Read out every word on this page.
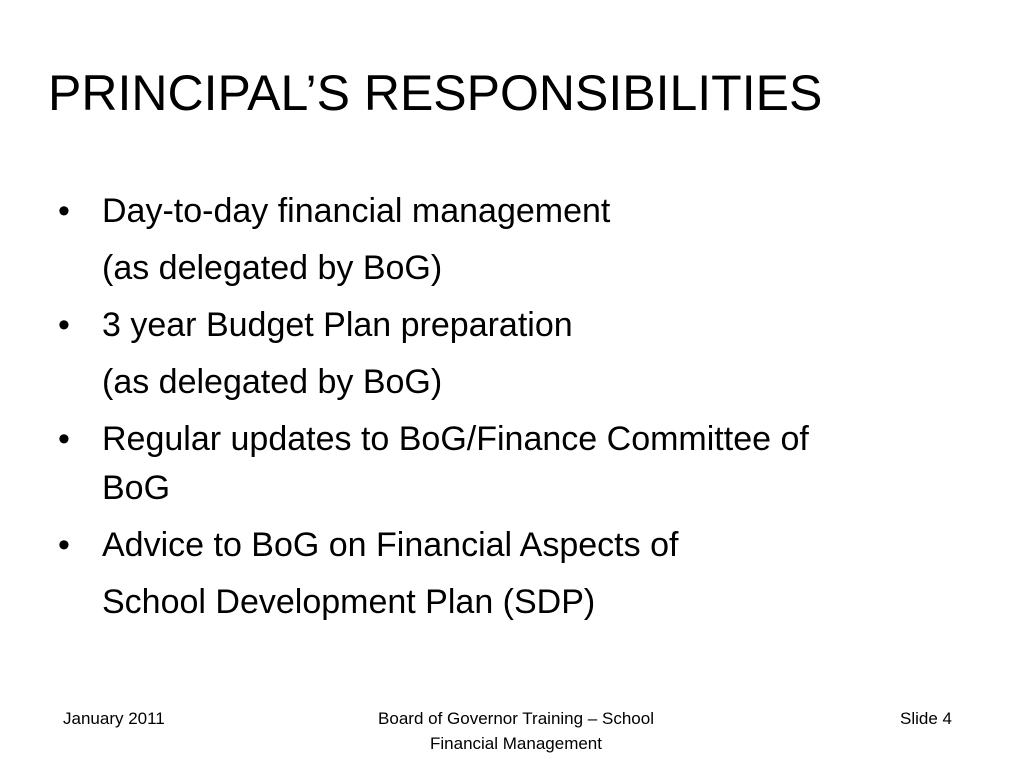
PRINCIPAL’S RESPONSIBILITIES
• Day-to-day financial management
(as delegated by BoG)
• 3 year Budget Plan preparation
(as delegated by BoG)
• Regular updates to BoG/Finance Committee of
BoG
• Advice to BoG on Financial Aspects of
School Development Plan (SDP)
January 2011	Board of Governor Training – School
Financial Management
Slide 4
